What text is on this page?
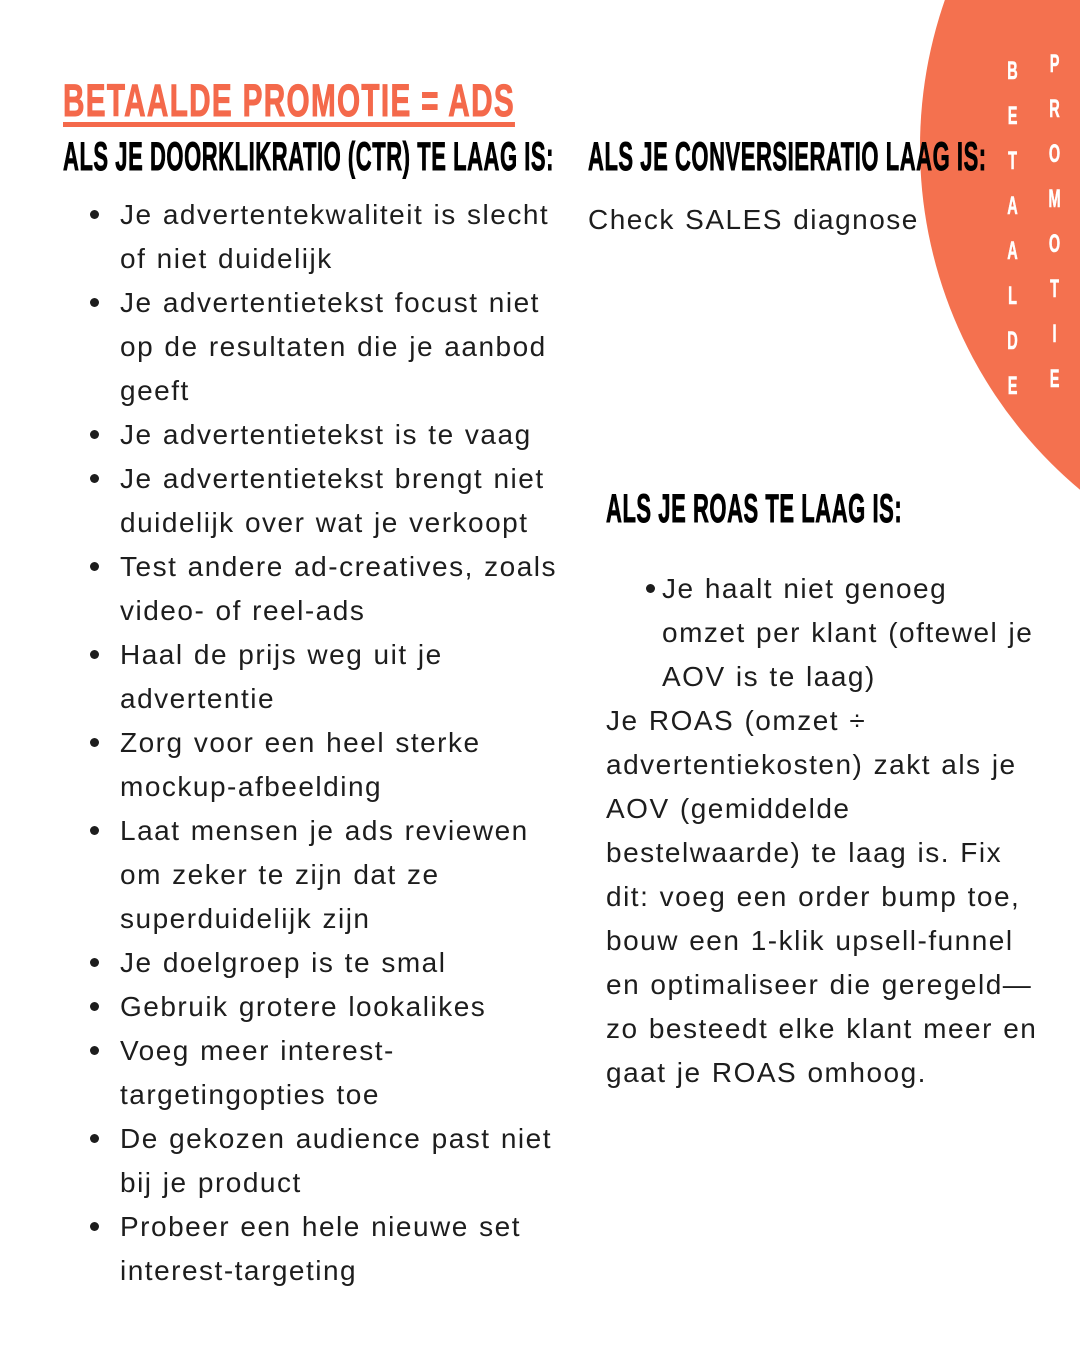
BETAALDE PROMOTIE
BETAALDE PROMOTIE = ADS
ALS JE DOORKLIKRATIO (CTR) TE LAAG IS:
Je advertentekwaliteit is slecht of niet duidelijk
Je advertentietekst focust niet op de resultaten die je aanbod geeft
Je advertentietekst is te vaag
Je advertentietekst brengt niet duidelijk over wat je verkoopt
Test andere ad-creatives, zoals video- of reel-ads
Haal de prijs weg uit je advertentie
Zorg voor een heel sterke mockup-afbeelding
Laat mensen je ads reviewen om zeker te zijn dat ze superduidelijk zijn
Je doelgroep is te smal
Gebruik grotere lookalikes
Voeg meer interest-targetingopties toe
De gekozen audience past niet bij je product
Probeer een hele nieuwe set interest-targeting
ALS JE CONVERSIERATIO LAAG IS:

Check SALES diagnose

ALS JE ROAS TE LAAG IS:
Je haalt niet genoeg omzet per klant (oftewel je AOV is te laag)

Je ROAS (omzet ÷ advertentiekosten) zakt als je AOV (gemiddelde bestelwaarde) te laag is. Fix dit: voeg een order bump toe, bouw een 1-klik upsell-funnel en optimaliseer die geregeld—zo besteedt elke klant meer en gaat je ROAS omhoog.
